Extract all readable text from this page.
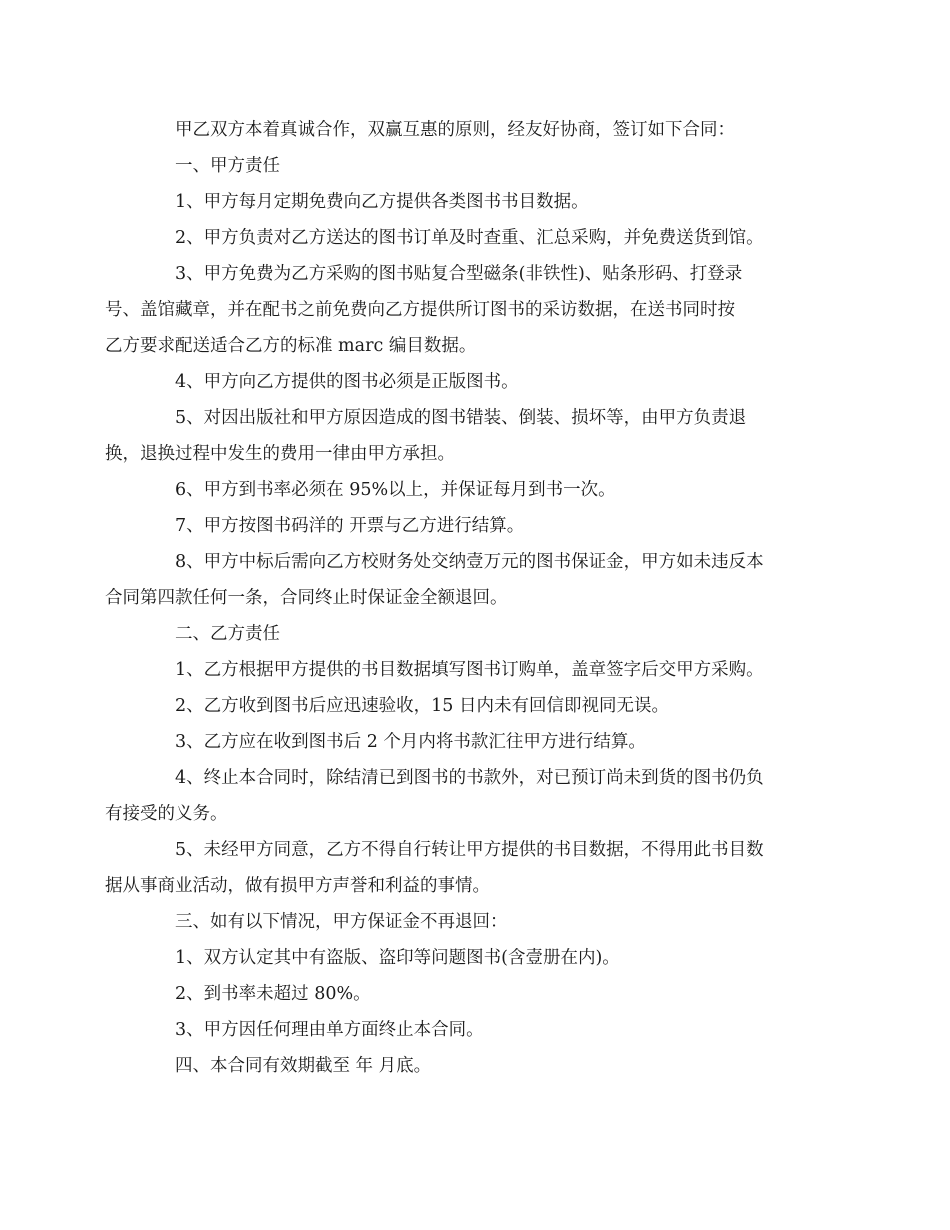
甲乙双方本着真诚合作，双赢互惠的原则，经友好协商，签订如下合同：

一、甲方责任

1、甲方每月定期免费向乙方提供各类图书书目数据。

2、甲方负责对乙方送达的图书订单及时查重、汇总采购，并免费送货到馆。

3、甲方免费为乙方采购的图书贴复合型磁条(非铁性)、贴条形码、打登录
号、盖馆藏章，并在配书之前免费向乙方提供所订图书的采访数据，在送书同时按
乙方要求配送适合乙方的标准 marc 编目数据。

4、甲方向乙方提供的图书必须是正版图书。

5、对因出版社和甲方原因造成的图书错装、倒装、损坏等，由甲方负责退
换，退换过程中发生的费用一律由甲方承担。

6、甲方到书率必须在 95%以上，并保证每月到书一次。

7、甲方按图书码洋的 开票与乙方进行结算。

8、甲方中标后需向乙方校财务处交纳壹万元的图书保证金，甲方如未违反本
合同第四款任何一条，合同终止时保证金全额退回。

二、乙方责任

1、乙方根据甲方提供的书目数据填写图书订购单，盖章签字后交甲方采购。

2、乙方收到图书后应迅速验收，15 日内未有回信即视同无误。

3、乙方应在收到图书后 2 个月内将书款汇往甲方进行结算。

4、终止本合同时，除结清已到图书的书款外，对已预订尚未到货的图书仍负
有接受的义务。

5、未经甲方同意，乙方不得自行转让甲方提供的书目数据，不得用此书目数
据从事商业活动，做有损甲方声誉和利益的事情。

三、如有以下情况，甲方保证金不再退回：

1、双方认定其中有盗版、盗印等问题图书(含壹册在内)。

2、到书率未超过 80%。

3、甲方因任何理由单方面终止本合同。

四、本合同有效期截至 年 月底。
